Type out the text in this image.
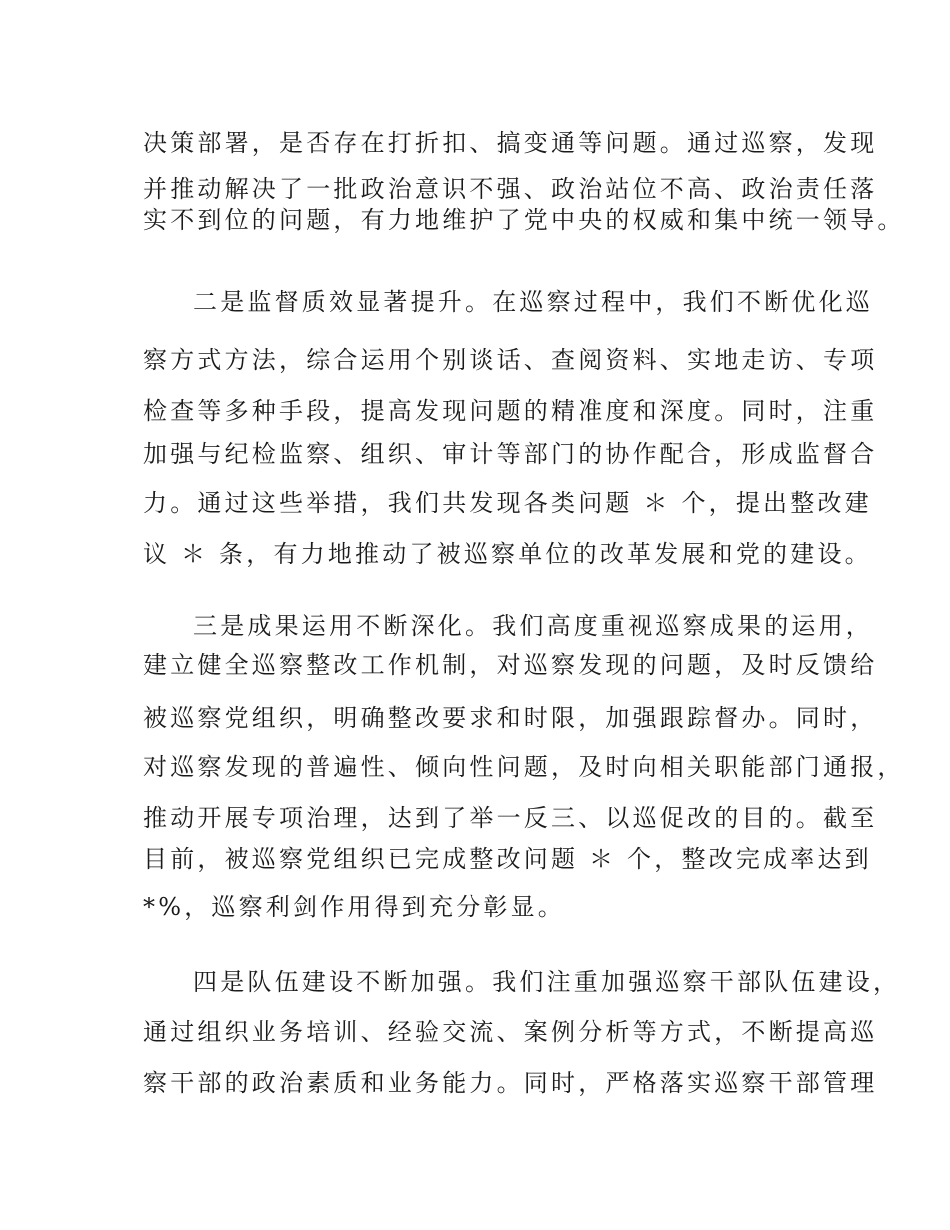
决策部署，是否存在打折扣、搞变通等问题。通过巡察，发现

并推动解决了一批政治意识不强、政治站位不高、政治责任落

实不到位的问题，有力地维护了党中央的权威和集中统一领导。

二是监督质效显著提升。在巡察过程中，我们不断优化巡

察方式方法，综合运用个别谈话、查阅资料、实地走访、专项

检查等多种手段，提高发现问题的精准度和深度。同时，注重

加强与纪检监察、组织、审计等部门的协作配合，形成监督合

力。通过这些举措，我们共发现各类问题 ＊ 个，提出整改建

议 ＊ 条，有力地推动了被巡察单位的改革发展和党的建设。

三是成果运用不断深化。我们高度重视巡察成果的运用，

建立健全巡察整改工作机制，对巡察发现的问题，及时反馈给

被巡察党组织，明确整改要求和时限，加强跟踪督办。同时，

对巡察发现的普遍性、倾向性问题，及时向相关职能部门通报，

推动开展专项治理，达到了举一反三、以巡促改的目的。截至

目前，被巡察党组织已完成整改问题 ＊ 个，整改完成率达到

*%，巡察利剑作用得到充分彰显。

四是队伍建设不断加强。我们注重加强巡察干部队伍建设，

通过组织业务培训、经验交流、案例分析等方式，不断提高巡

察干部的政治素质和业务能力。同时，严格落实巡察干部管理
